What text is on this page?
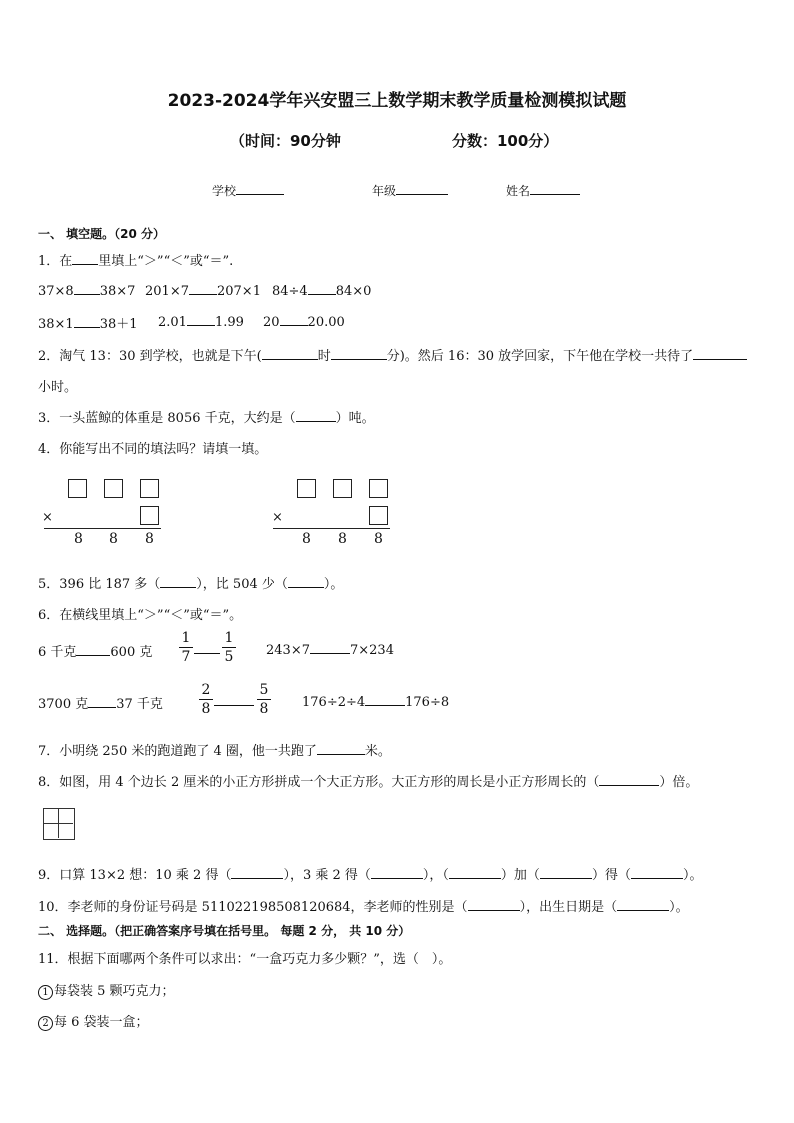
2023-2024学年兴安盟三上数学期末教学质量检测模拟试题
（时间：90分钟	分数：100分）
学校	年级	姓名
一、 填空题。（20 分）
1．在 里填上“＞”“＜”或“＝”.
37×8 38×7 201×7 207×1 84÷4 84×0
38×1 38＋1 2.01 1.99 20 20.00
2．淘气 13：30 到学校，也就是下午(	时	分)。然后 16：30 放学回家，下午他在学校一共待了
小时。
3．一头蓝鲸的体重是 8056 千克，大约是（	）吨。
4．你能写出不同的填法吗？请填一填。
×
8 8 8
×
8 8 8
5．396 比 187 多（	），比 504 少（	）。
6．在横线里填上“＞”“＜”或“＝”。
6 千克	600 克
1
7
1
5	243×7	7×234
3700 克 37 千克
2
8
5
8	176÷2÷4	176÷8
7．小明绕 250 米的跑道跑了 4 圈，他一共跑了	米。
8．如图，用 4 个边长 2 厘米的小正方形拼成一个大正方形。大正方形的周长是小正方形周长的（	）倍。
9．口算 13×2 想：10 乘 2 得（	），3 乘 2 得（	），（	）加（	）得（	）。
10．李老师的身份证号码是 511022198508120684，李老师的性别是（	），出生日期是（	）。
二、 选择题。（把正确答案序号填在括号里。 每题 2 分， 共 10 分）
11．根据下面哪两个条件可以求出：“一盒巧克力多少颗？”，选（　）。
1 每袋装 5 颗巧克力；
2 每 6 袋装一盒；
